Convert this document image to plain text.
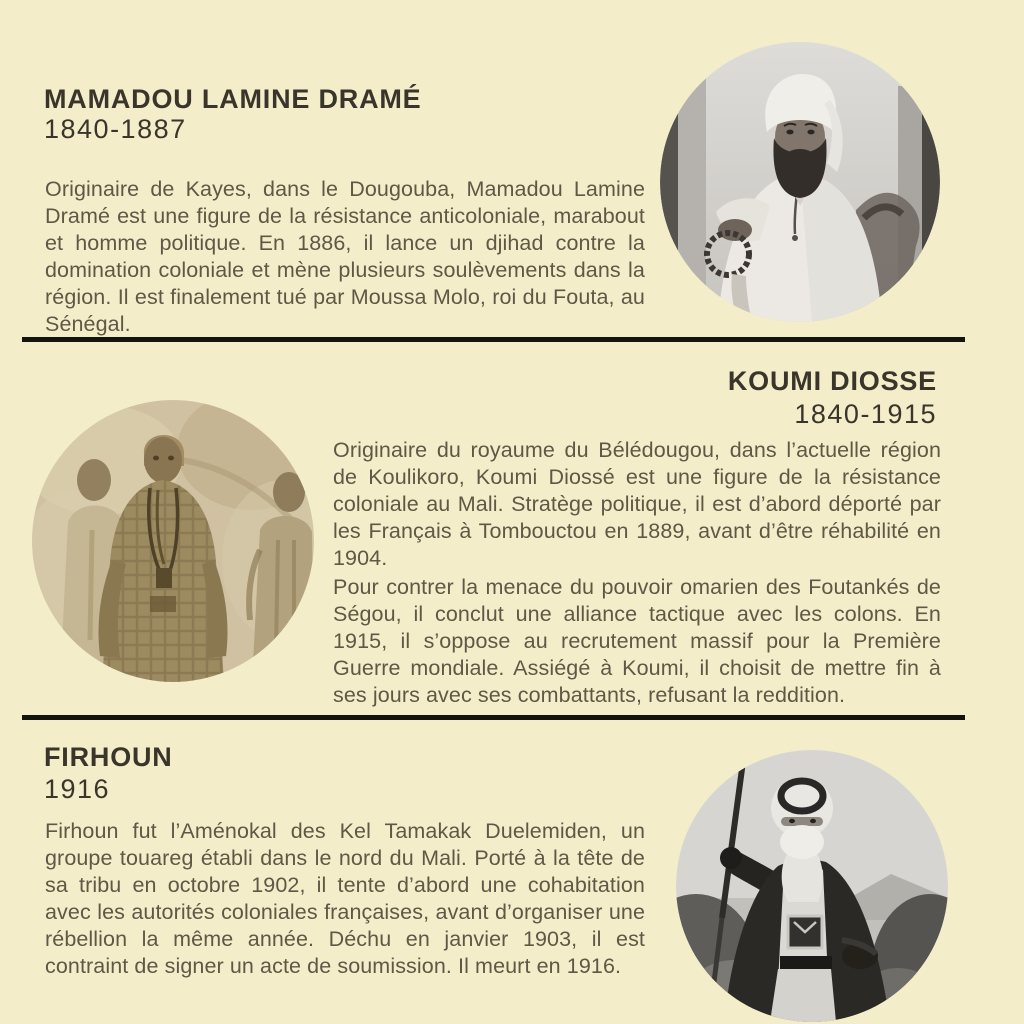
MAMADOU LAMINE DRAMÉ
1840-1887

Originaire de Kayes, dans le Dougouba, Mamadou Lamine Dramé est une figure de la résistance anticoloniale, marabout et homme politique. En 1886, il lance un djihad contre la domination coloniale et mène plusieurs soulèvements dans la région. Il est finalement tué par Moussa Molo, roi du Fouta, au Sénégal.

KOUMI DIOSSE
1840-1915

Originaire du royaume du Bélédougou, dans l’actuelle région de Koulikoro, Koumi Diossé est une figure de la résistance coloniale au Mali. Stratège politique, il est d’abord déporté par les Français à Tombouctou en 1889, avant d’être réhabilité en 1904.

Pour contrer la menace du pouvoir omarien des Foutankés de Ségou, il conclut une alliance tactique avec les colons. En 1915, il s’oppose au recrutement massif pour la Première Guerre mondiale. Assiégé à Koumi, il choisit de mettre fin à ses jours avec ses combattants, refusant la reddition.

FIRHOUN
1916

Firhoun fut l’Aménokal des Kel Tamakak Duelemiden, un groupe touareg établi dans le nord du Mali. Porté à la tête de sa tribu en octobre 1902, il tente d’abord une cohabitation avec les autorités coloniales françaises, avant d’organiser une rébellion la même année. Déchu en janvier 1903, il est contraint de signer un acte de soumission. Il meurt en 1916.
